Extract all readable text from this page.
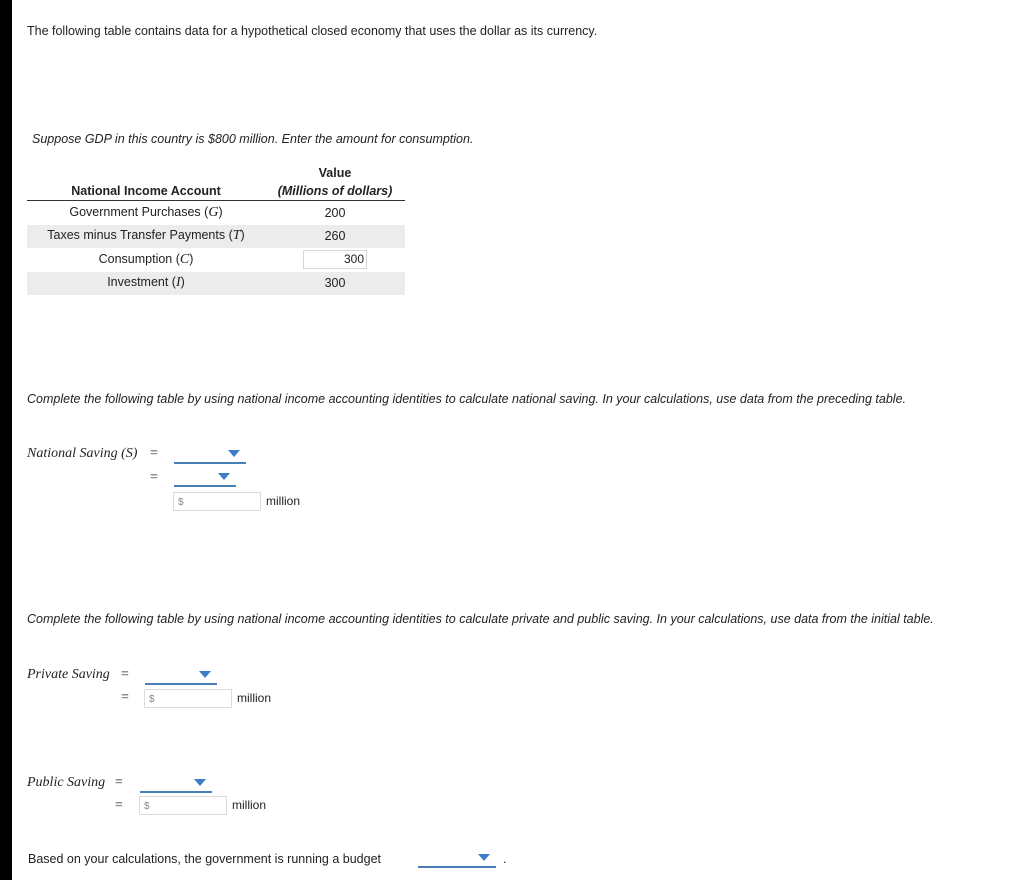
The following table contains data for a hypothetical closed economy that uses the dollar as its currency.
Suppose GDP in this country is $800 million. Enter the amount for consumption.
	Value
National Income Account	(Millions of dollars)
Government Purchases (G)	200
Taxes minus Transfer Payments (T)	260
Consumption (C)	300
Investment (I)	300
Complete the following table by using national income accounting identities to calculate national saving. In your calculations, use data from the preceding table.
National Saving (S) =
=
$	million
Complete the following table by using national income accounting identities to calculate private and public saving. In your calculations, use data from the initial table.
Private Saving =
=	$	million
Public Saving =
=	$	million
Based on your calculations, the government is running a budget	.
